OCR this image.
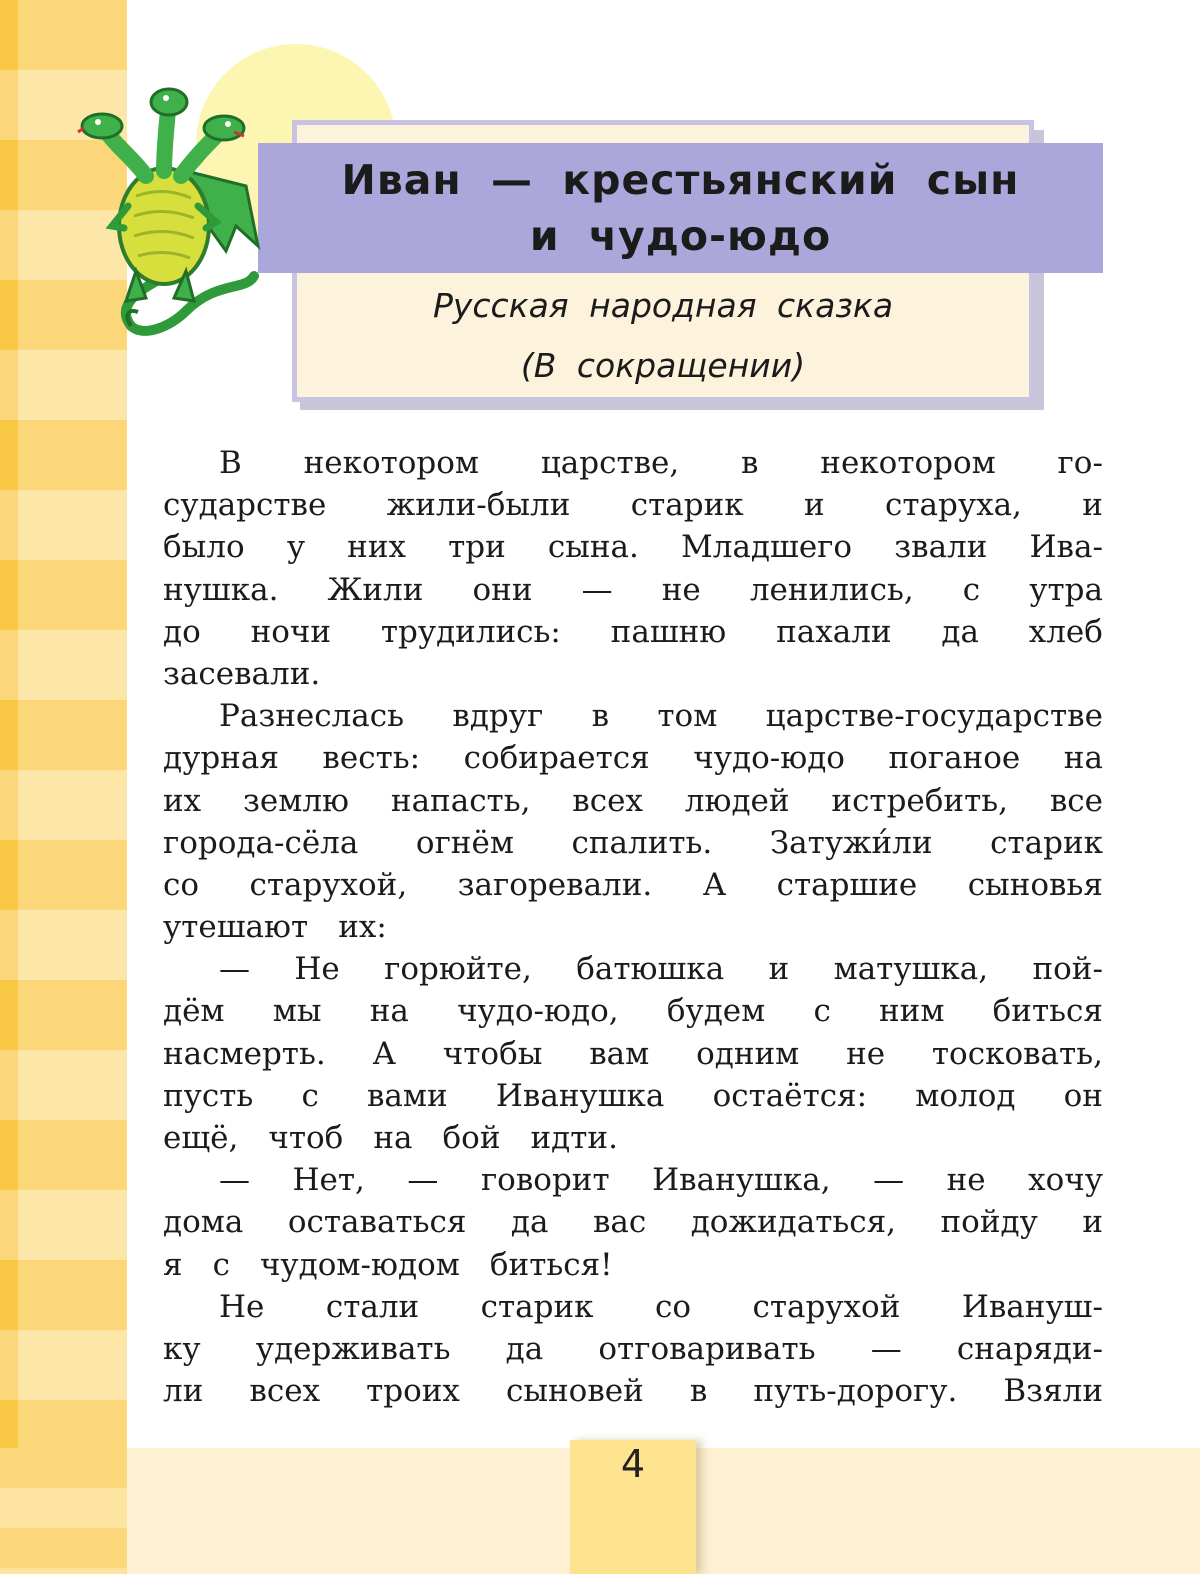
Иван — крестьянский сын
и чудо-юдо
Русская народная сказка
(В сокращении)
В некотором царстве, в некотором го-
сударстве жили-были старик и старуха, и
было у них три сына. Младшего звали Ива-
нушка. Жили они — не ленились, с утра
до ночи трудились: пашню пахали да хлеб
засевали.
Разнеслась вдруг в том царстве-государстве
дурная весть: собирается чудо-юдо поганое на
их землю напасть, всех людей истребить, все
города-сёла огнём спалить. Затужи́ли старик
со старухой, загоревали. А старшие сыновья
утешают их:
— Не горюйте, батюшка и матушка, пой-
дём мы на чудо-юдо, будем с ним биться
насмерть. А чтобы вам одним не тосковать,
пусть с вами Иванушка остаётся: молод он
ещё, чтоб на бой идти.
— Нет, — говорит Иванушка, — не хочу
дома оставаться да вас дожидаться, пойду и
я с чудом-юдом биться!
Не стали старик со старухой Ивануш-
ку удерживать да отговаривать — снаряди-
ли всех троих сыновей в путь-дорогу. Взяли
4
